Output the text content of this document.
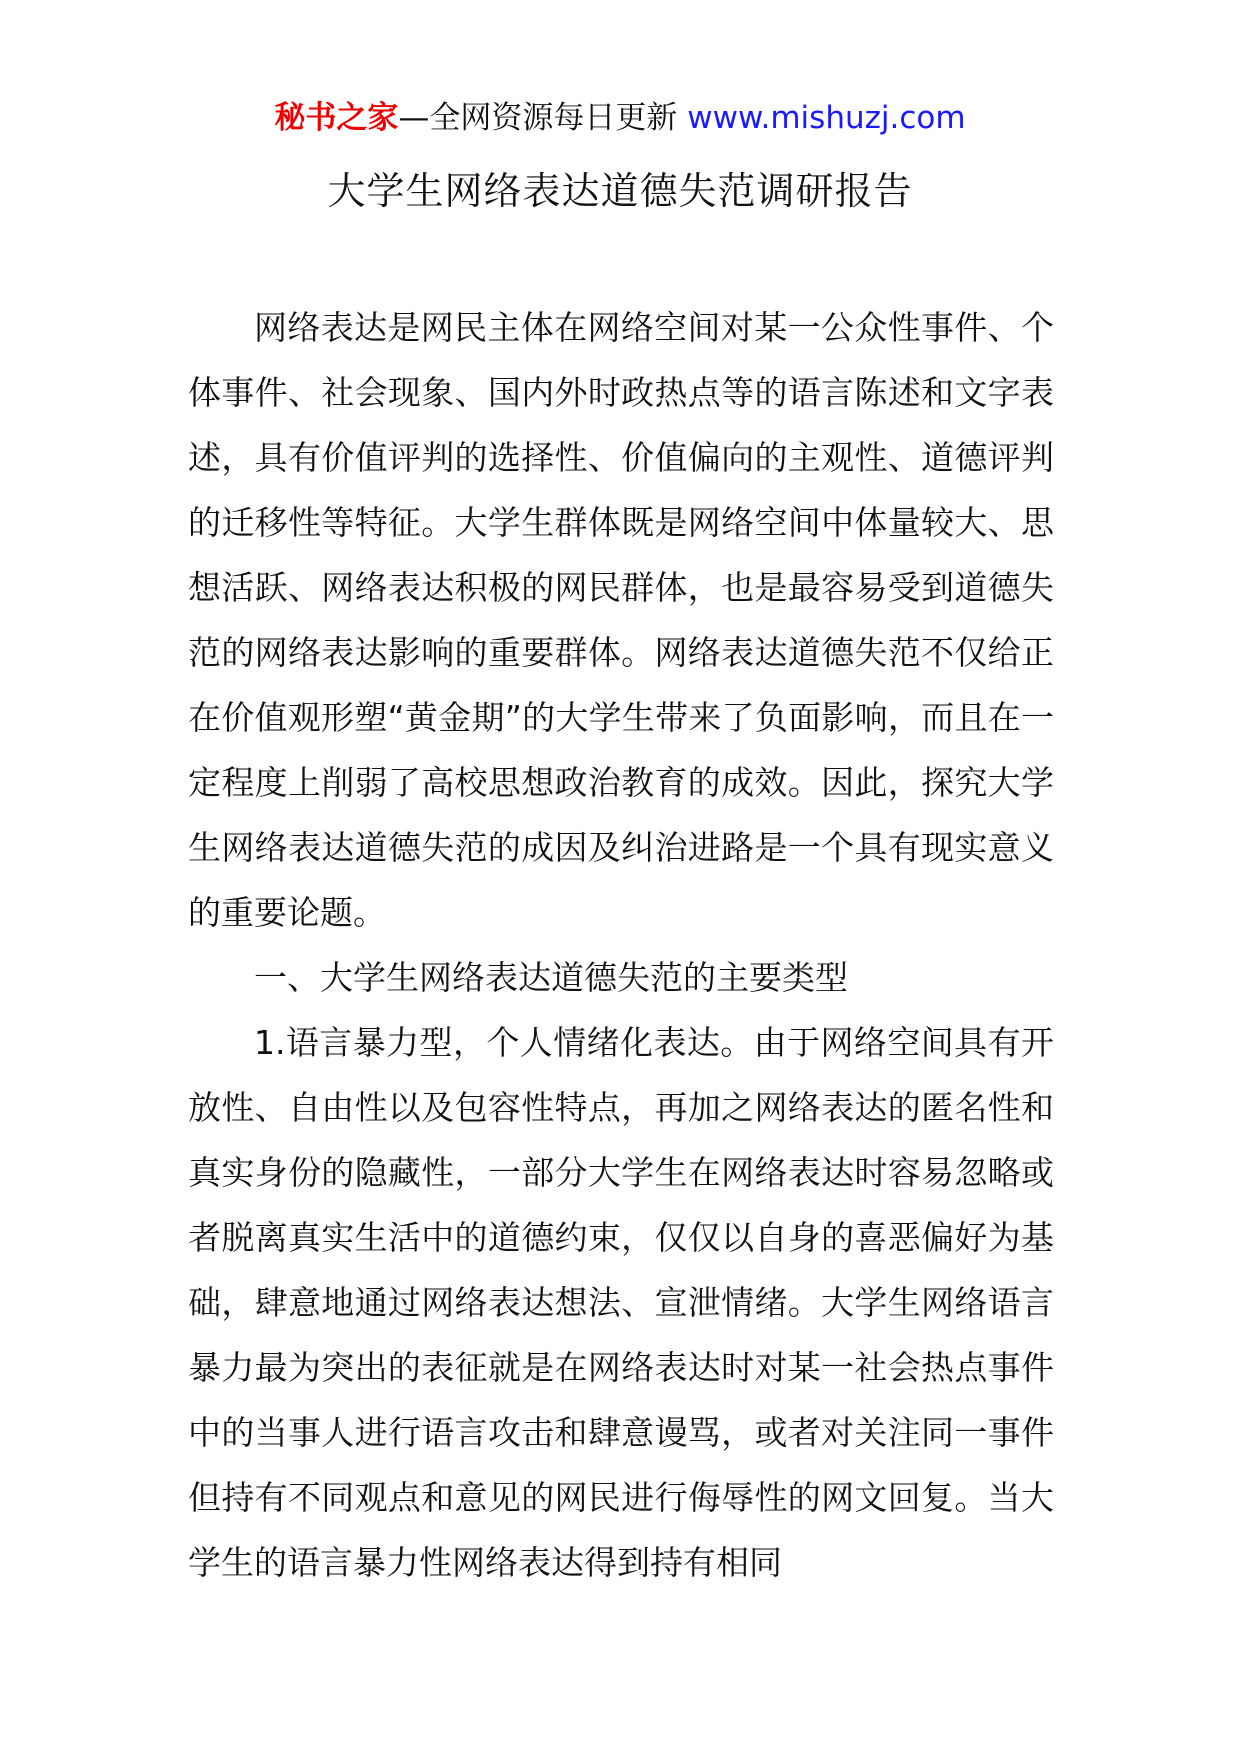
秘书之家—全网资源每日更新 www.mishuzj.com
大学生网络表达道德失范调研报告

网络表达是网民主体在网络空间对某一公众性事件、个体事件、社会现象、国内外时政热点等的语言陈述和文字表述，具有价值评判的选择性、价值偏向的主观性、道德评判的迁移性等特征。大学生群体既是网络空间中体量较大、思想活跃、网络表达积极的网民群体，也是最容易受到道德失范的网络表达影响的重要群体。网络表达道德失范不仅给正在价值观形塑“黄金期”的大学生带来了负面影响，而且在一定程度上削弱了高校思想政治教育的成效。因此，探究大学生网络表达道德失范的成因及纠治进路是一个具有现实意义的重要论题。

一、大学生网络表达道德失范的主要类型

1.语言暴力型，个人情绪化表达。由于网络空间具有开放性、自由性以及包容性特点，再加之网络表达的匿名性和真实身份的隐藏性，一部分大学生在网络表达时容易忽略或者脱离真实生活中的道德约束，仅仅以自身的喜恶偏好为基础，肆意地通过网络表达想法、宣泄情绪。大学生网络语言暴力最为突出的表征就是在网络表达时对某一社会热点事件中的当事人进行语言攻击和肆意谩骂，或者对关注同一事件但持有不同观点和意见的网民进行侮辱性的网文回复。当大学生的语言暴力性网络表达得到持有相同
